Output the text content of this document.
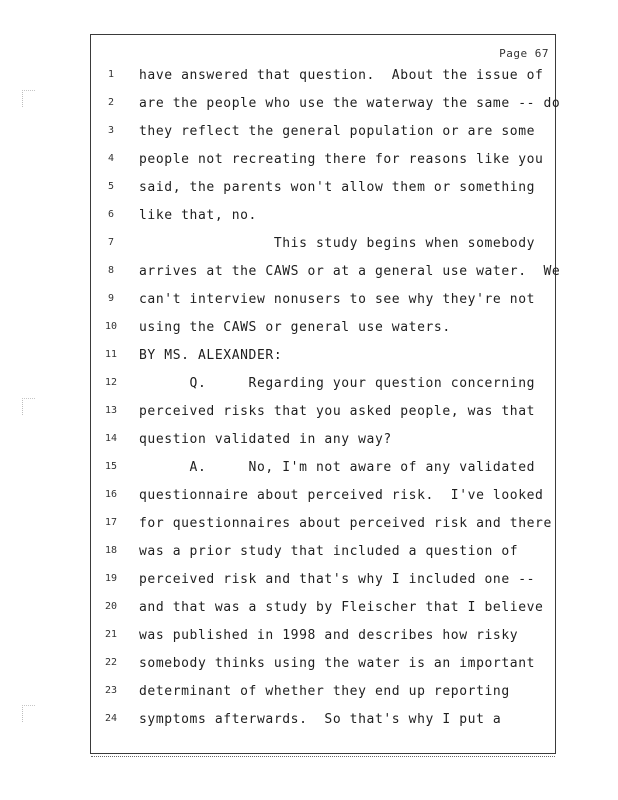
Page 67
1
2
3
4
5
6
7
8
9
10
11
12
13
14
15
16
17
18
19
20
21
22
23
24
have answered that question.  About the issue of
are the people who use the waterway the same -- do
they reflect the general population or are some
people not recreating there for reasons like you
said, the parents won't allow them or something
like that, no.
This study begins when somebody
arrives at the CAWS or at a general use water.  We
can't interview nonusers to see why they're not
using the CAWS or general use waters.
BY MS. ALEXANDER:
Q.     Regarding your question concerning
perceived risks that you asked people, was that
question validated in any way?
A.     No, I'm not aware of any validated
questionnaire about perceived risk.  I've looked
for questionnaires about perceived risk and there
was a prior study that included a question of
perceived risk and that's why I included one --
and that was a study by Fleischer that I believe
was published in 1998 and describes how risky
somebody thinks using the water is an important
determinant of whether they end up reporting
symptoms afterwards.  So that's why I put a
